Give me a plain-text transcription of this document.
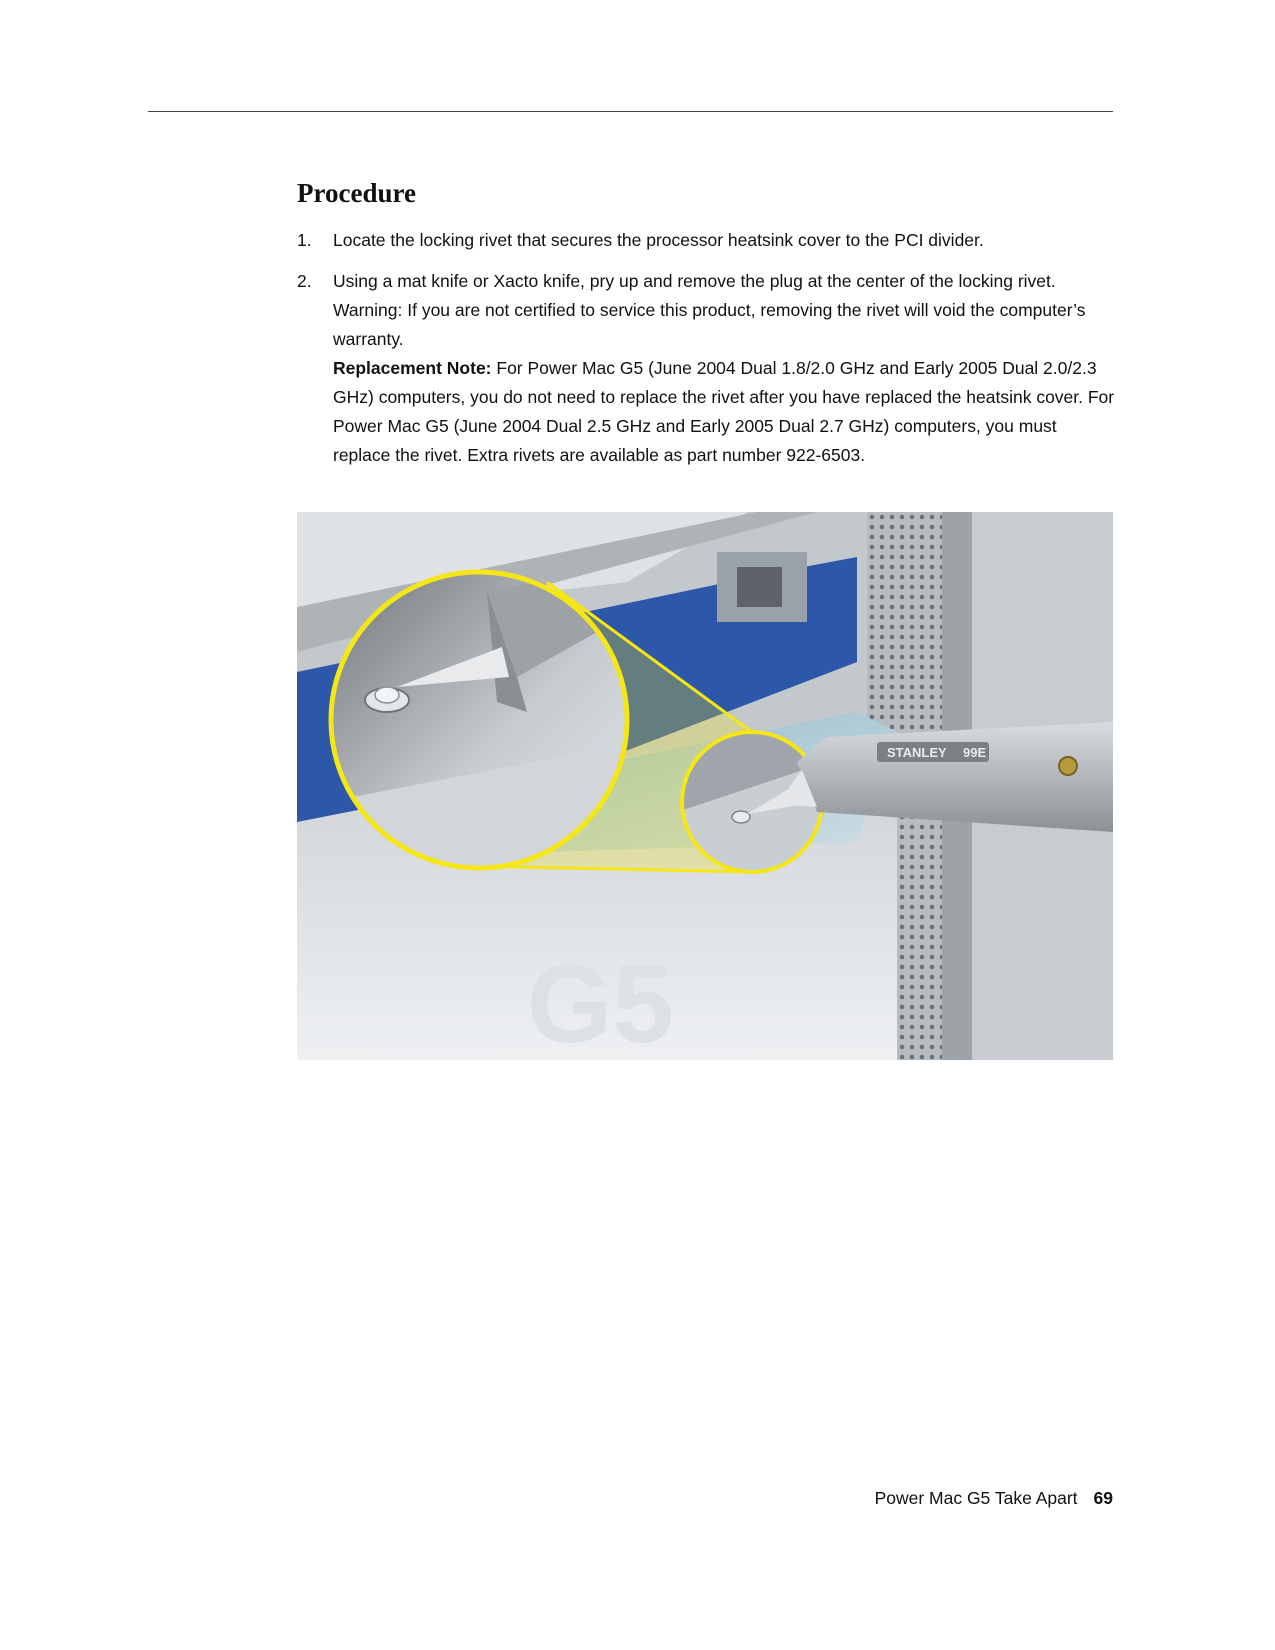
Procedure
1. Locate the locking rivet that secures the processor heatsink cover to the PCI divider.
2. Using a mat knife or Xacto knife, pry up and remove the plug at the center of the locking rivet. Warning: If you are not certified to service this product, removing the rivet will void the computer’s warranty.
Replacement Note: For Power Mac G5 (June 2004 Dual 1.8/2.0 GHz and Early 2005 Dual 2.0/2.3 GHz) computers, you do not need to replace the rivet after you have replaced the heatsink cover. For Power Mac G5 (June 2004 Dual 2.5 GHz and Early 2005 Dual 2.7 GHz) computers, you must replace the rivet. Extra rivets are available as part number 922-6503.
G5
STANLEY 99E
Power Mac G5 Take Apart 69
